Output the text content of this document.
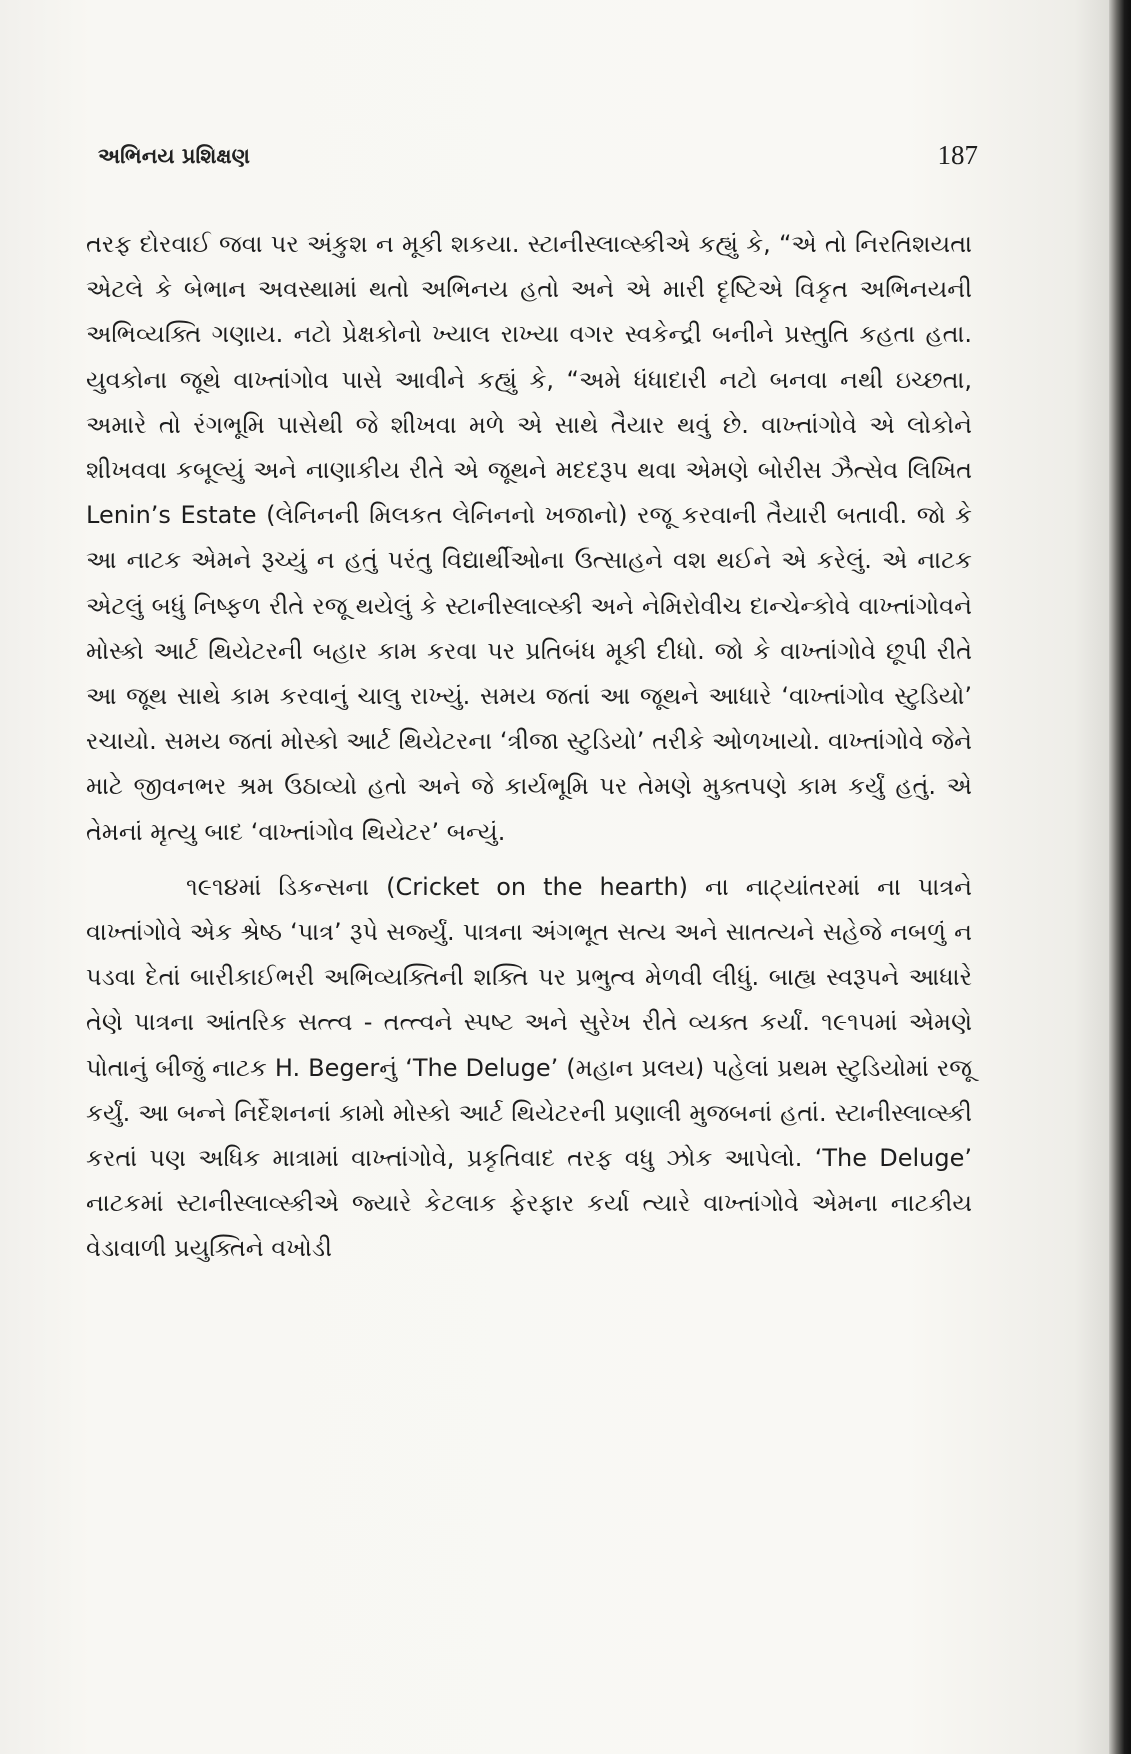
અભિનય પ્રશિક્ષણ	187

તરફ દોરવાઈ જવા પર અંકુશ ન મૂકી શકયા. સ્ટાનીસ્લાવ્સ્કીએ કહ્યું કે, “એ તો નિરતિશયતા એટલે કે બેભાન અવસ્થામાં થતો અભિનય હતો અને એ મારી દૃષ્ટિએ વિકૃત અભિનયની અભિવ્યક્તિ ગણાય. નટો પ્રેક્ષકોનો ખ્યાલ રાખ્યા વગર સ્વકેન્દ્રી બનીને પ્રસ્તુતિ કહતા હતા. યુવકોના જૂથે વાખ્તાંગોવ પાસે આવીને કહ્યું કે, “અમે ધંધાદારી નટો બનવા નથી ઇચ્છતા, અમારે તો રંગભૂમિ પાસેથી જે શીખવા મળે એ સાથે તૈયાર થવું છે. વાખ્તાંગોવે એ લોકોને શીખવવા કબૂલ્યું અને નાણાકીય રીતે એ જૂથને મદદરૂપ થવા એમણે બોરીસ ઝૈત્સેવ લિખિત Lenin’s Estate (લેનિનની મિલકત લેનિનનો ખજાનો) રજૂ કરવાની તૈયારી બતાવી. જો કે આ નાટક એમને રૂચ્યું ન હતું પરંતુ વિદ્યાર્થીઓના ઉત્સાહને વશ થઈને એ કરેલું. એ નાટક એટલું બધું નિષ્ફળ રીતે રજૂ થયેલું કે સ્ટાનીસ્લાવ્સ્કી અને નેમિરોવીચ દાન્ચેન્કોવે વાખ્તાંગોવને મોસ્કો આર્ટ થિયેટરની બહાર કામ કરવા પર પ્રતિબંધ મૂકી દીધો. જો કે વાખ્તાંગોવે છૂપી રીતે આ જૂથ સાથે કામ કરવાનું ચાલુ રાખ્યું. સમય જતાં આ જૂથને આધારે ‘વાખ્તાંગોવ સ્ટુડિયો’ રચાયો. સમય જતાં મોસ્કો આર્ટ થિયેટરના ‘ત્રીજા સ્ટુડિયો’ તરીકે ઓળખાયો. વાખ્તાંગોવે જેને માટે જીવનભર શ્રમ ઉઠાવ્યો હતો અને જે કાર્યભૂમિ પર તેમણે મુક્તપણે કામ કર્યું હતું. એ તેમનાં મૃત્યુ બાદ ‘વાખ્તાંગોવ થિયેટર’ બન્યું.

૧૯૧૪માં ડિકન્સના (Cricket on the hearth) ના નાટ્યાંતરમાં ના પાત્રને વાખ્તાંગોવે એક શ્રેષ્ઠ ‘પાત્ર’ રૂપે સર્જ્યું. પાત્રના અંગભૂત સત્ય અને સાતત્યને સહેજે નબળું ન પડવા દેતાં બારીકાઈભરી અભિવ્યક્તિની શક્તિ પર પ્રભુત્વ મેળવી લીધું. બાહ્ય સ્વરૂપને આધારે તેણે પાત્રના આંતરિક સત્ત્વ - તત્ત્વને સ્પષ્ટ અને સુરેખ રીતે વ્યક્ત કર્યાં. ૧૯૧૫માં એમણે પોતાનું બીજું નાટક H. Begerનું ‘The Deluge’ (મહાન પ્રલય) પહેલાં પ્રથમ સ્ટુડિયોમાં રજૂ કર્યું. આ બન્ને નિર્દેશનનાં કામો મોસ્કો આર્ટ થિયેટરની પ્રણાલી મુજબનાં હતાં. સ્ટાનીસ્લાવ્સ્કી કરતાં પણ અધિક માત્રામાં વાખ્તાંગોવે, પ્રકૃતિવાદ તરફ વધુ ઝોક આપેલો. ‘The Deluge’ નાટકમાં સ્ટાનીસ્લાવ્સ્કીએ જ્યારે કેટલાક ફેરફાર કર્યા ત્યારે વાખ્તાંગોવે એમના નાટકીય વેડાવાળી પ્રયુક્તિને વખોડી
